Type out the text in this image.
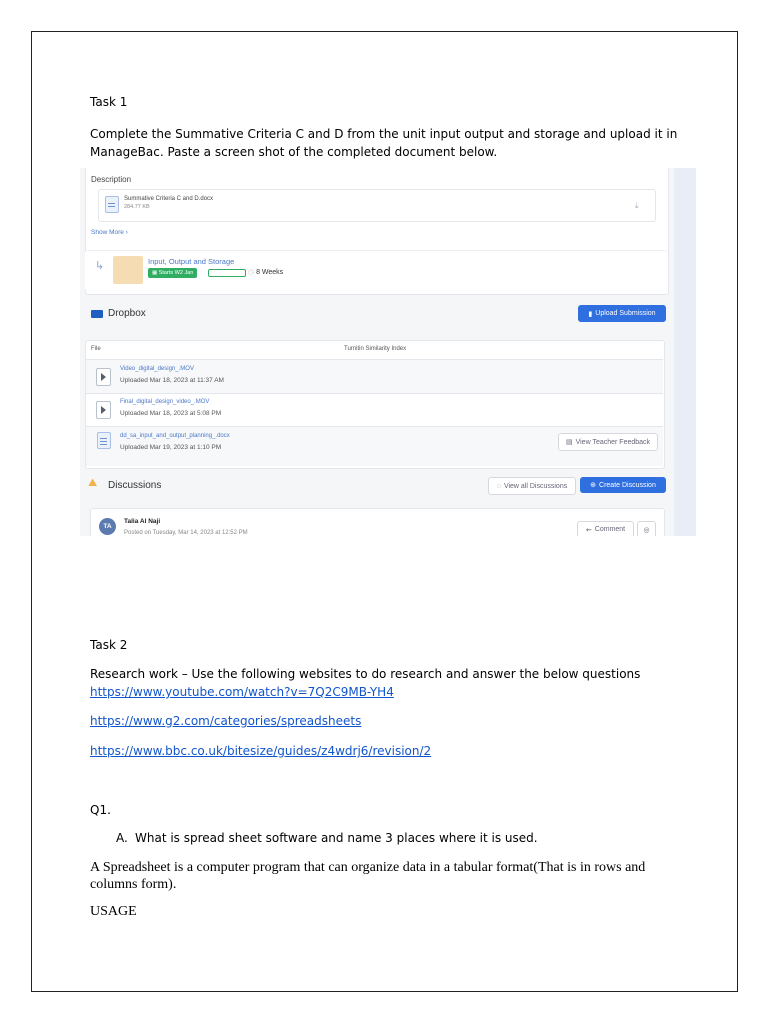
Task 1
Complete the Summative Criteria C and D from the unit input output and storage and upload it in
ManageBac. Paste a screen shot of the completed document below.
Description
Summative Criteria C and D.docx
284.77 KB	⤓
Show More ›
↳	Input, Output and Storage
▦ Starts W2 Jan	◷ 8 Weeks
Dropbox	▮ Upload Submission
File	Turnitin Similarity Index
Video_digital_design_.MOV
Uploaded Mar 18, 2023 at 11:37 AM
Final_digital_design_video_.MOV
Uploaded Mar 18, 2023 at 5:08 PM
dd_sa_input_and_output_planning_.docx
Uploaded Mar 19, 2023 at 1:10 PM
▤ View Teacher Feedback
⛰ Discussions	◌ View all Discussions	⊕ Create Discussion
TA
Talia Al Naji
Posted on Tuesday, Mar 14, 2023 at 12:52 PM	⇜ Comment	◎
Task 2
Research work – Use the following websites to do research and answer the below questions
https://www.youtube.com/watch?v=7Q2C9MB-YH4
https://www.g2.com/categories/spreadsheets
https://www.bbc.co.uk/bitesize/guides/z4wdrj6/revision/2
Q1.
A. What is spread sheet software and name 3 places where it is used.
A Spreadsheet is a computer program that can organize data in a tabular format(That is in rows and columns form).
USAGE
